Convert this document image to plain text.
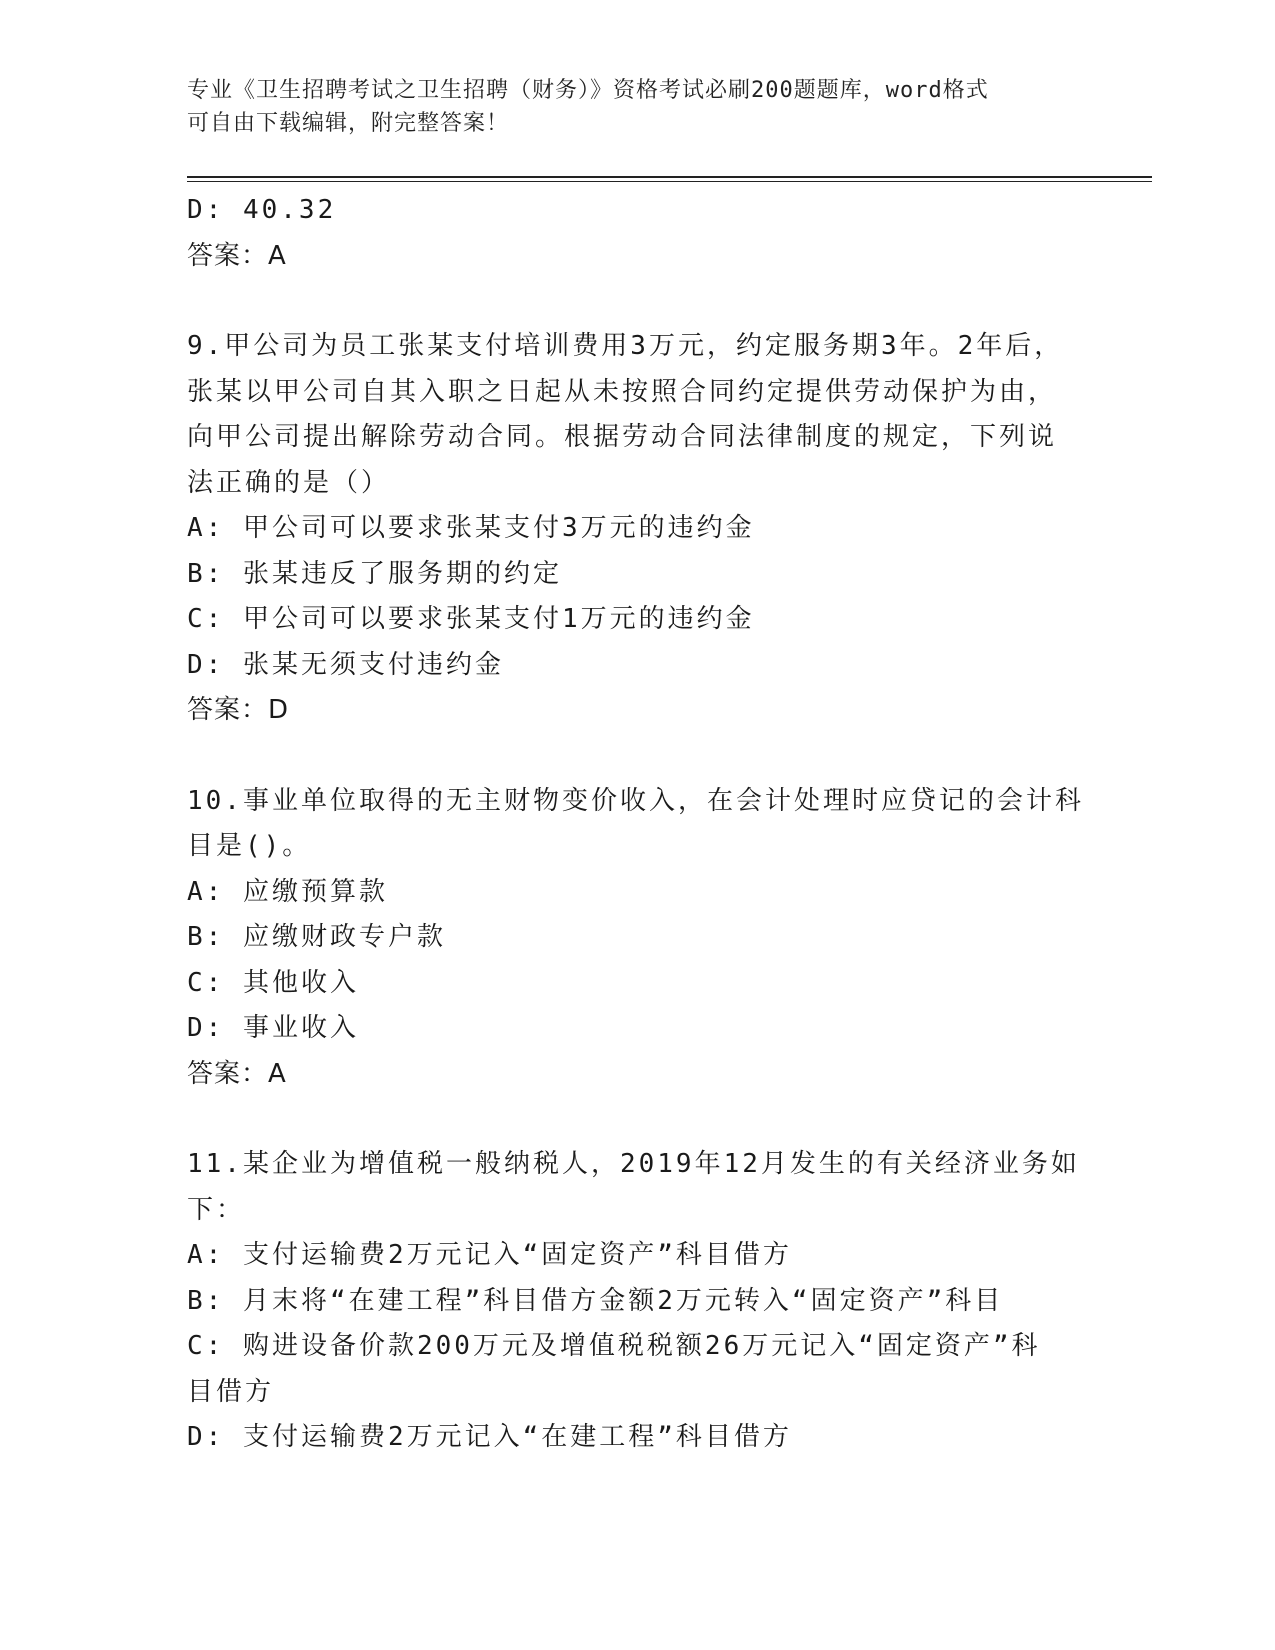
专业《卫生招聘考试之卫生招聘（财务）》资格考试必刷200题题库，word格式
可自由下载编辑，附完整答案！
D: 40.32
答案：A
9.甲公司为员工张某支付培训费用3万元，约定服务期3年。2年后，
张某以甲公司自其入职之日起从未按照合同约定提供劳动保护为由，
向甲公司提出解除劳动合同。根据劳动合同法律制度的规定，下列说
法正确的是（）
A: 甲公司可以要求张某支付3万元的违约金
B: 张某违反了服务期的约定
C: 甲公司可以要求张某支付1万元的违约金
D: 张某无须支付违约金
答案：D
10.事业单位取得的无主财物变价收入，在会计处理时应贷记的会计科
目是()。
A: 应缴预算款
B: 应缴财政专户款
C: 其他收入
D: 事业收入
答案：A
11.某企业为增值税一般纳税人，2019年12月发生的有关经济业务如
下：
A: 支付运输费2万元记入“固定资产”科目借方
B: 月末将“在建工程”科目借方金额2万元转入“固定资产”科目
C: 购进设备价款200万元及增值税税额26万元记入“固定资产”科
目借方
D: 支付运输费2万元记入“在建工程”科目借方
